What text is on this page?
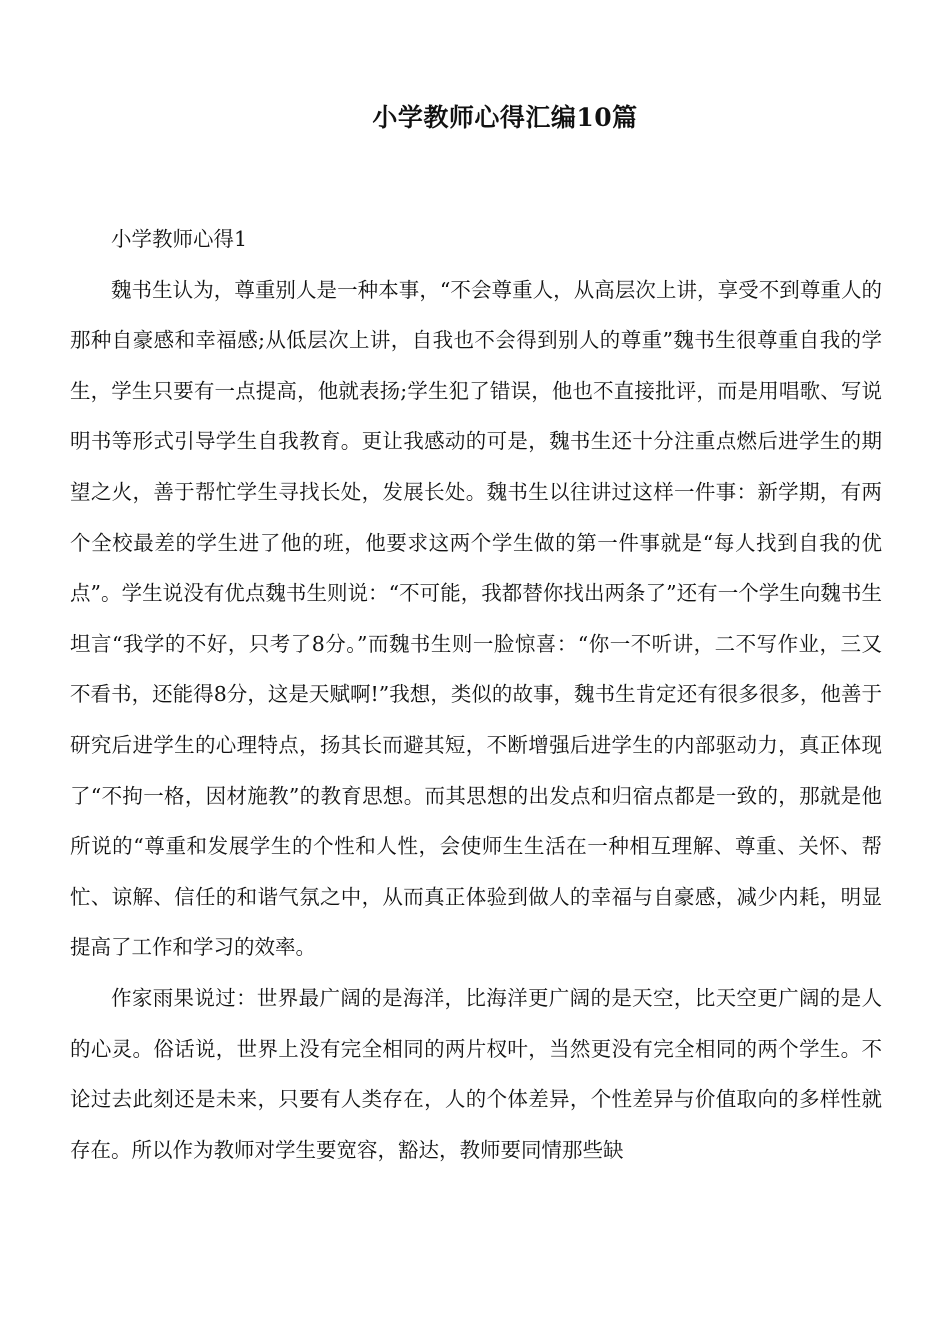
小学教师心得汇编10篇

小学教师心得1

魏书生认为，尊重别人是一种本事，“不会尊重人，从高层次上讲，享受不到尊重人的那种自豪感和幸福感;从低层次上讲，自我也不会得到别人的尊重”魏书生很尊重自我的学生，学生只要有一点提高，他就表扬;学生犯了错误，他也不直接批评，而是用唱歌、写说明书等形式引导学生自我教育。更让我感动的可是，魏书生还十分注重点燃后进学生的期望之火，善于帮忙学生寻找长处，发展长处。魏书生以往讲过这样一件事：新学期，有两个全校最差的学生进了他的班，他要求这两个学生做的第一件事就是“每人找到自我的优点”。学生说没有优点魏书生则说：“不可能，我都替你找出两条了”还有一个学生向魏书生坦言“我学的不好，只考了8分。”而魏书生则一脸惊喜：“你一不听讲，二不写作业，三又不看书，还能得8分，这是天赋啊!”我想，类似的故事，魏书生肯定还有很多很多，他善于研究后进学生的心理特点，扬其长而避其短，不断增强后进学生的内部驱动力，真正体现了“不拘一格，因材施教”的教育思想。而其思想的出发点和归宿点都是一致的，那就是他所说的“尊重和发展学生的个性和人性，会使师生生活在一种相互理解、尊重、关怀、帮忙、谅解、信任的和谐气氛之中，从而真正体验到做人的幸福与自豪感，减少内耗，明显提高了工作和学习的效率。

作家雨果说过：世界最广阔的是海洋，比海洋更广阔的是天空，比天空更广阔的是人的心灵。俗话说，世界上没有完全相同的两片杈叶，当然更没有完全相同的两个学生。不论过去此刻还是未来，只要有人类存在，人的个体差异，个性差异与价值取向的多样性就存在。所以作为教师对学生要宽容，豁达，教师要同情那些缺
